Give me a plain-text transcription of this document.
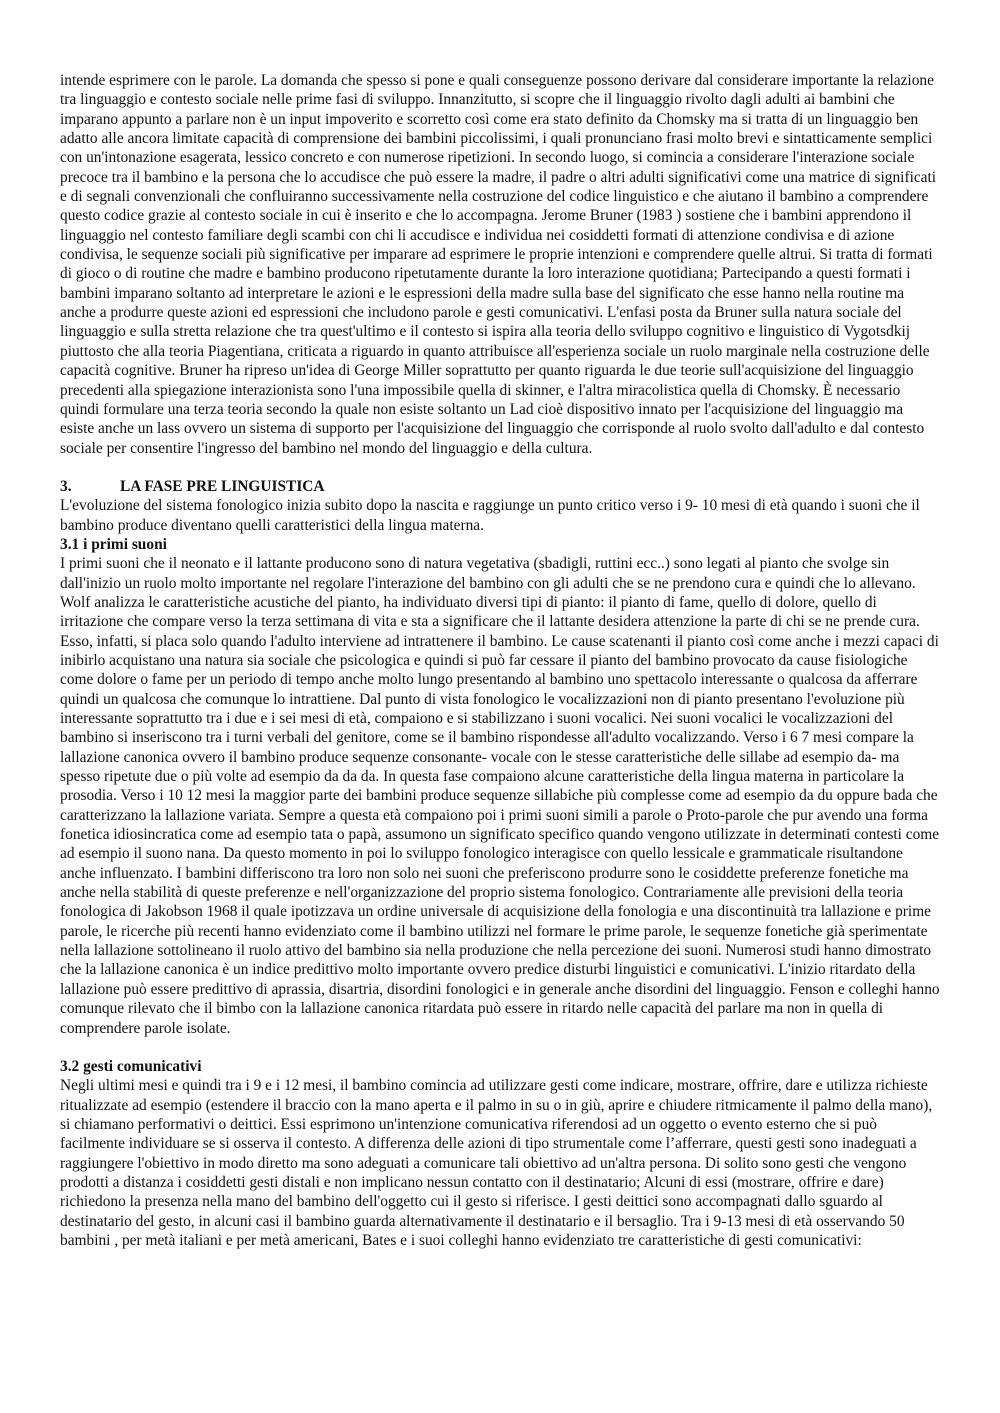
intende esprimere con le parole. La domanda che spesso si pone e quali conseguenze possono derivare dal considerare importante la relazione tra linguaggio e contesto sociale nelle prime fasi di sviluppo. Innanzitutto, si scopre che il linguaggio rivolto dagli adulti ai bambini che imparano appunto a parlare non è un input impoverito e scorretto così come era stato definito da Chomsky ma si tratta di un linguaggio ben adatto alle ancora limitate capacità di comprensione dei bambini piccolissimi, i quali pronunciano frasi molto brevi e sintatticamente semplici con un'intonazione esagerata, lessico concreto e con numerose ripetizioni. In secondo luogo, si comincia a considerare l'interazione sociale precoce tra il bambino e la persona che lo accudisce che può essere la madre, il padre o altri adulti significativi come una matrice di significati e di segnali convenzionali che confluiranno successivamente nella costruzione del codice linguistico e che aiutano il bambino a comprendere questo codice grazie al contesto sociale in cui è inserito e che lo accompagna. Jerome Bruner (1983 ) sostiene che i bambini apprendono il linguaggio nel contesto familiare degli scambi con chi li accudisce e individua nei cosiddetti formati di attenzione condivisa e di azione condivisa, le sequenze sociali più significative per imparare ad esprimere le proprie intenzioni e comprendere quelle altrui. Si tratta di formati di gioco o di routine che madre e bambino producono ripetutamente durante la loro interazione quotidiana; Partecipando a questi formati i bambini imparano soltanto ad interpretare le azioni e le espressioni della madre sulla base del significato che esse hanno nella routine ma anche a produrre queste azioni ed espressioni che includono parole e gesti comunicativi. L'enfasi posta da Bruner sulla natura sociale del linguaggio e sulla stretta relazione che tra quest'ultimo e il contesto si ispira alla teoria dello sviluppo cognitivo e linguistico di Vygotsdkij piuttosto che alla teoria Piagentiana, criticata a riguardo in quanto attribuisce all'esperienza sociale un ruolo marginale nella costruzione delle capacità cognitive. Bruner ha ripreso un'idea di George Miller soprattutto per quanto riguarda le due teorie sull'acquisizione del linguaggio precedenti alla spiegazione interazionista sono l'una impossibile quella di skinner, e l'altra miracolistica quella di Chomsky. È necessario quindi formulare una terza teoria secondo la quale non esiste soltanto un Lad cioè dispositivo innato per l'acquisizione del linguaggio ma esiste anche un lass ovvero un sistema di supporto per l'acquisizione del linguaggio che corrisponde al ruolo svolto dall'adulto e dal contesto sociale per consentire l'ingresso del bambino nel mondo del linguaggio e della cultura.

3.	LA FASE PRE LINGUISTICA

L'evoluzione del sistema fonologico inizia subito dopo la nascita e raggiunge un punto critico verso i 9- 10 mesi di età quando i suoni che il bambino produce diventano quelli caratteristici della lingua materna.

3.1 i primi suoni

I primi suoni che il neonato e il lattante producono sono di natura vegetativa (sbadigli, ruttini ecc..) sono legati al pianto che svolge sin dall'inizio un ruolo molto importante nel regolare l'interazione del bambino con gli adulti che se ne prendono cura e quindi che lo allevano. Wolf analizza le caratteristiche acustiche del pianto, ha individuato diversi tipi di pianto: il pianto di fame, quello di dolore, quello di irritazione che compare verso la terza settimana di vita e sta a significare che il lattante desidera attenzione la parte di chi se ne prende cura. Esso, infatti, si placa solo quando l'adulto interviene ad intrattenere il bambino. Le cause scatenanti il pianto così come anche i mezzi capaci di inibirlo acquistano una natura sia sociale che psicologica e quindi si può far cessare il pianto del bambino provocato da cause fisiologiche come dolore o fame per un periodo di tempo anche molto lungo presentando al bambino uno spettacolo interessante o qualcosa da afferrare quindi un qualcosa che comunque lo intrattiene. Dal punto di vista fonologico le vocalizzazioni non di pianto presentano l'evoluzione più interessante soprattutto tra i due e i sei mesi di età, compaiono e si stabilizzano i suoni vocalici. Nei suoni vocalici le vocalizzazioni del bambino si inseriscono tra i turni verbali del genitore, come se il bambino rispondesse all'adulto vocalizzando. Verso i 6 7 mesi compare la lallazione canonica ovvero il bambino produce sequenze consonante- vocale con le stesse caratteristiche delle sillabe ad esempio da- ma spesso ripetute due o più volte ad esempio da da da. In questa fase compaiono alcune caratteristiche della lingua materna in particolare la prosodia. Verso i 10 12 mesi la maggior parte dei bambini produce sequenze sillabiche più complesse come ad esempio da du oppure bada che caratterizzano la lallazione variata. Sempre a questa età compaiono poi i primi suoni simili a parole o Proto-parole che pur avendo una forma fonetica idiosincratica come ad esempio tata o papà, assumono un significato specifico quando vengono utilizzate in determinati contesti come ad esempio il suono nana. Da questo momento in poi lo sviluppo fonologico interagisce con quello lessicale e grammaticale risultandone anche influenzato. I bambini differiscono tra loro non solo nei suoni che preferiscono produrre sono le cosiddette preferenze fonetiche ma anche nella stabilità di queste preferenze e nell'organizzazione del proprio sistema fonologico. Contrariamente alle previsioni della teoria fonologica di Jakobson 1968 il quale ipotizzava un ordine universale di acquisizione della fonologia e una discontinuità tra lallazione e prime parole, le ricerche più recenti hanno evidenziato come il bambino utilizzi nel formare le prime parole, le sequenze fonetiche già sperimentate nella lallazione sottolineano il ruolo attivo del bambino sia nella produzione che nella percezione dei suoni. Numerosi studi hanno dimostrato che la lallazione canonica è un indice predittivo molto importante ovvero predice disturbi linguistici e comunicativi. L'inizio ritardato della lallazione può essere predittivo di aprassia, disartria, disordini fonologici e in generale anche disordini del linguaggio. Fenson e colleghi hanno comunque rilevato che il bimbo con la lallazione canonica ritardata può essere in ritardo nelle capacità del parlare ma non in quella di comprendere parole isolate.

3.2 gesti comunicativi

Negli ultimi mesi e quindi tra i 9 e i 12 mesi, il bambino comincia ad utilizzare gesti come indicare, mostrare, offrire, dare e utilizza richieste ritualizzate ad esempio (estendere il braccio con la mano aperta e il palmo in su o in giù, aprire e chiudere ritmicamente il palmo della mano), si chiamano performativi o deittici. Essi esprimono un'intenzione comunicativa riferendosi ad un oggetto o evento esterno che si può facilmente individuare se si osserva il contesto. A differenza delle azioni di tipo strumentale come l’afferrare, questi gesti sono inadeguati a raggiungere l'obiettivo in modo diretto ma sono adeguati a comunicare tali obiettivo ad un'altra persona. Di solito sono gesti che vengono prodotti a distanza i cosiddetti gesti distali e non implicano nessun contatto con il destinatario; Alcuni di essi (mostrare, offrire e dare) richiedono la presenza nella mano del bambino dell'oggetto cui il gesto si riferisce. I gesti deittici sono accompagnati dallo sguardo al destinatario del gesto, in alcuni casi il bambino guarda alternativamente il destinatario e il bersaglio. Tra i 9-13 mesi di età osservando 50 bambini , per metà italiani e per metà americani, Bates e i suoi colleghi hanno evidenziato tre caratteristiche di gesti comunicativi:
